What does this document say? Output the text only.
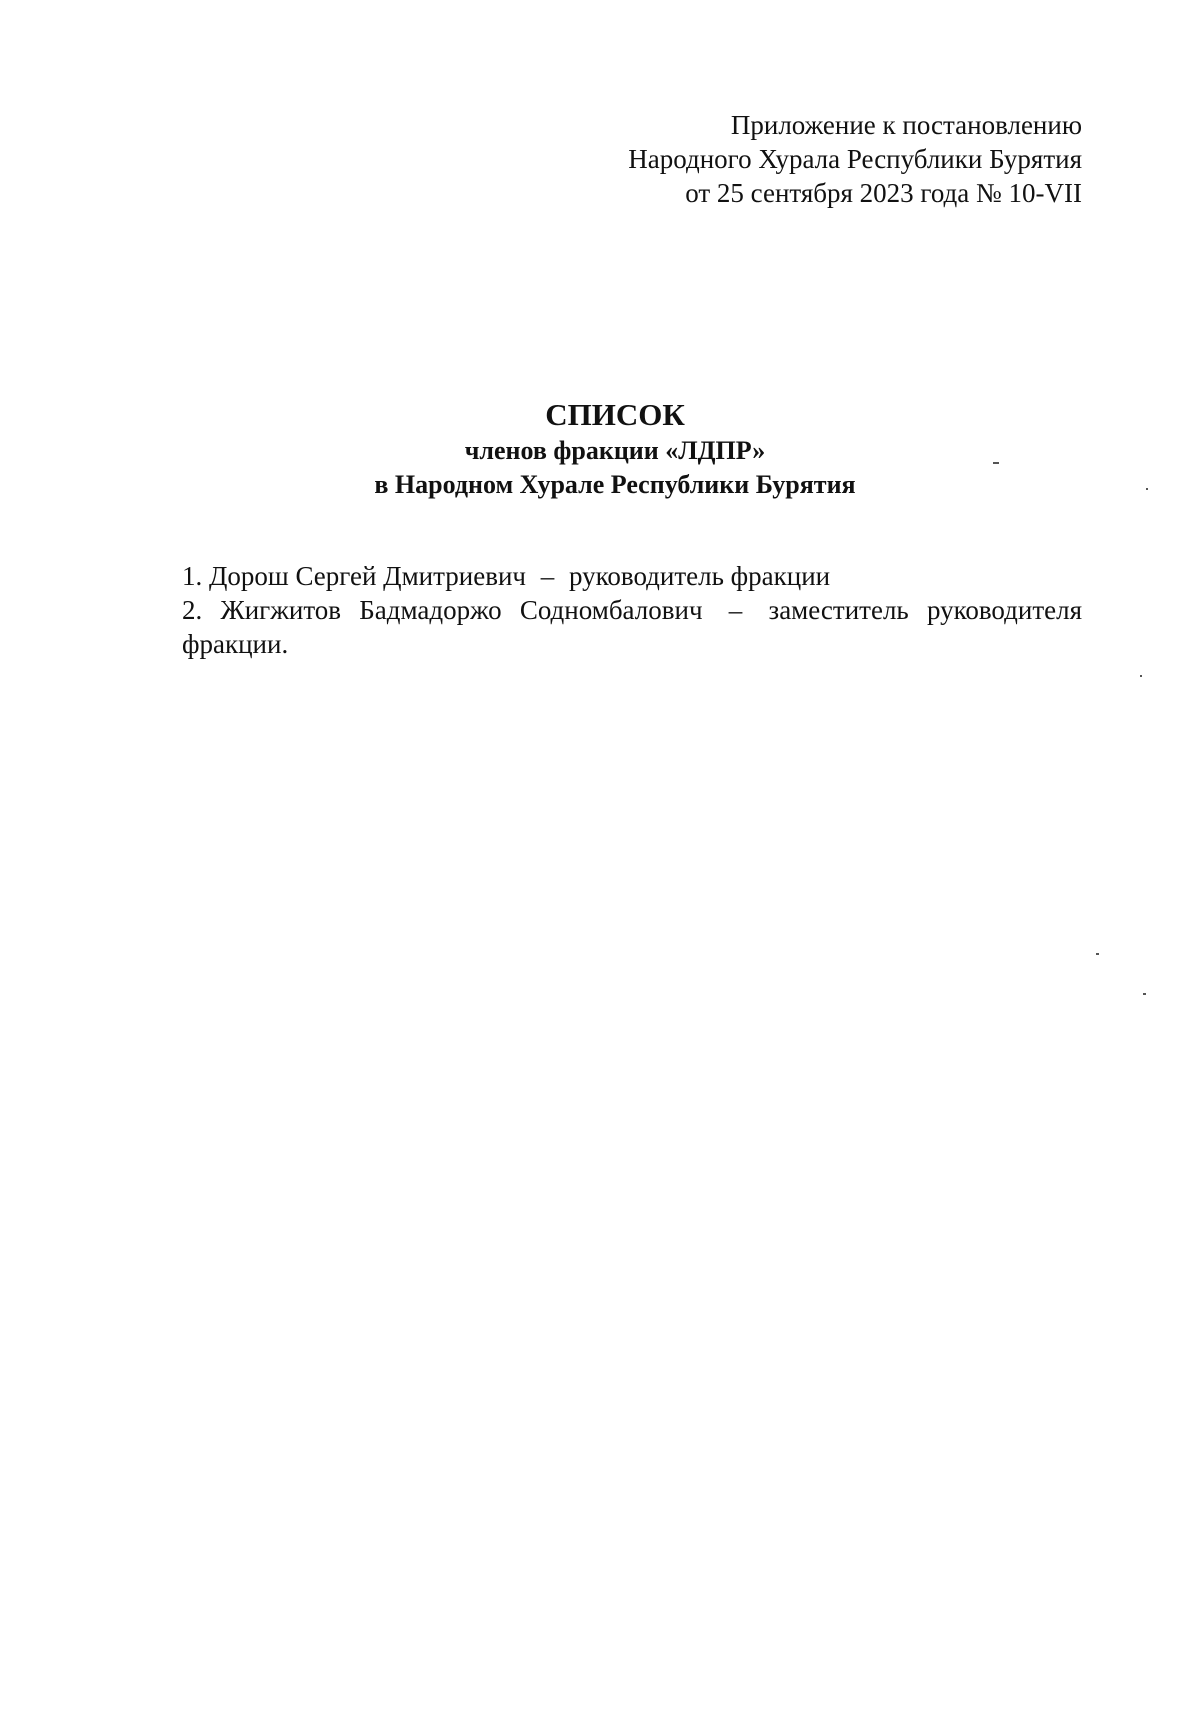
Приложение к постановлению
Народного Хурала Республики Бурятия
от 25 сентября 2023 года № 10-VII
СПИСОК
членов фракции «ЛДПР»
в Народном Хурале Республики Бурятия
1. Дорош Сергей Дмитриевич – руководитель фракции
2. Жигжитов Бадмадоржо Содномбалович – заместитель руководителя фракции.
